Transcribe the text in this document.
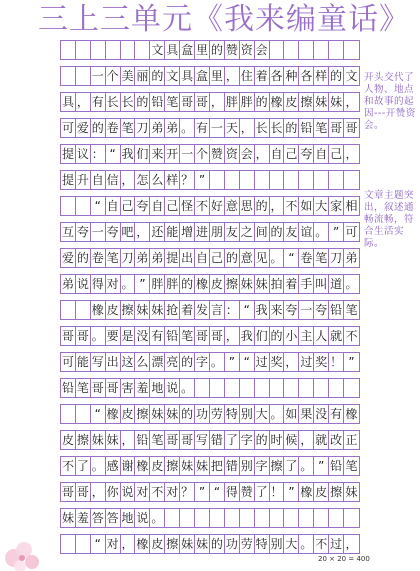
三上三单元《我来编童话》
文 具 盒 里 的 赞 资 会
一 个 美 丽 的 文 具 盒 里 ， 住 着 各 种 各 样 的 文
具 ， 有 长 长 的 铅 笔 哥 哥 ， 胖 胖 的 橡 皮 擦 妹 妹 ，
可 爱 的 卷 笔 刀 弟 弟 。 有 一 天 ， 长 长 的 铅 笔 哥 哥
提 议 ： “ 我 们 来 开 一 个 赞 资 会 ， 自 己 夸 自 己 ，
提 升 自 信 ， 怎 么 样 ？ ”
“ 自 己 夸 自 己 怪 不 好 意 思 的 ， 不 如 大 家 相
互 夸 一 夸 吧 ， 还 能 增 进 朋 友 之 间 的 友 谊 。 ” 可
爱 的 卷 笔 刀 弟 弟 提 出 自 己 的 意 见 。 “ 卷 笔 刀 弟
弟 说 得 对 。 ” 胖 胖 的 橡 皮 擦 妹 妹 拍 着 手 叫 道 。
橡 皮 擦 妹 妹 抢 着 发 言 ： “ 我 来 夸 一 夸 铅 笔
哥 哥 。 要 是 没 有 铅 笔 哥 哥 ， 我 们 的 小 主 人 就 不
可 能 写 出 这 么 漂 亮 的 字 。 ” “ 过 奖 ， 过 奖 ！ ”
铅 笔 哥 哥 害 羞 地 说 。
“ 橡 皮 擦 妹 妹 的 功 劳 特 别 大 。 如 果 没 有 橡
皮 擦 妹 妹 ， 铅 笔 哥 哥 写 错 了 字 的 时 候 ， 就 改 正
不 了 。 感 谢 橡 皮 擦 妹 妹 把 错 别 字 擦 了 。 ” 铅 笔
哥 哥 ， 你 说 对 不 对 ？ ” “ 得 赞 了 ！ ” 橡 皮 擦 妹
妹 羞 答 答 地 说 。
“ 对 ， 橡 皮 擦 妹 妹 的 功 劳 特 别 大 。 不 过 ，
开头交代了人物、地点和故事的起因---开赞资会。
文章主题突出，叙述通畅流畅，符合生活实际。
20 × 20 = 400
